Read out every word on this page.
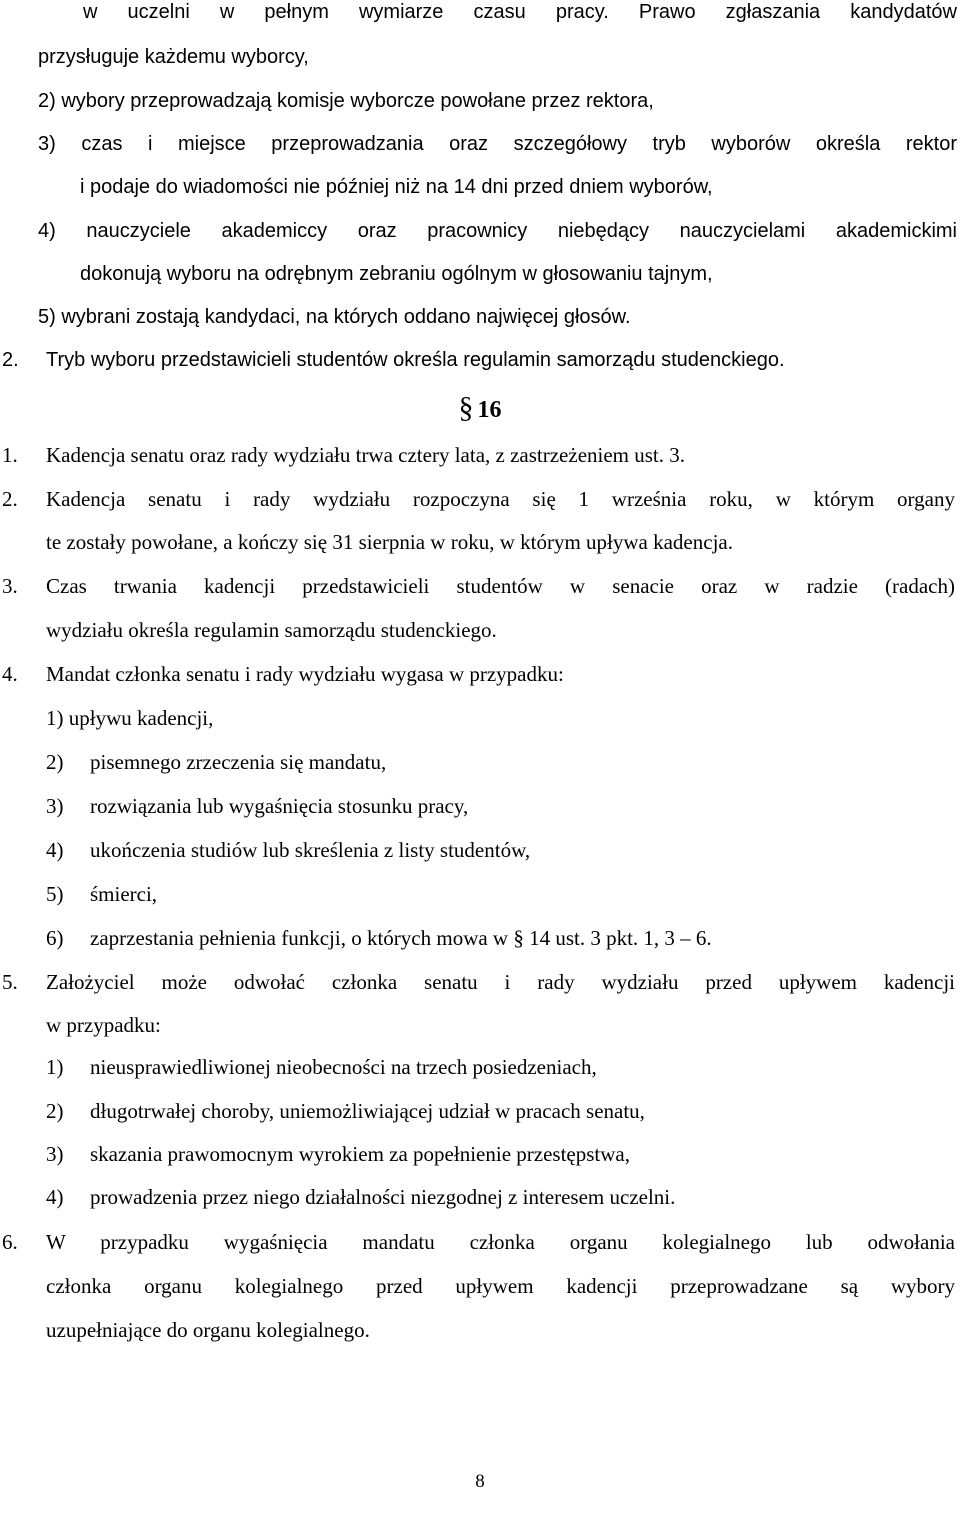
w uczelni w pełnym wymiarze czasu pracy. Prawo zgłaszania kandydatów
przysługuje każdemu wyborcy,
2) wybory przeprowadzają komisje wyborcze powołane przez rektora,
3) czas i miejsce przeprowadzania oraz szczegółowy tryb wyborów określa rektor
i podaje do wiadomości nie później niż na 14 dni przed dniem wyborów,
4) nauczyciele akademiccy oraz pracownicy niebędący nauczycielami akademickimi
dokonują wyboru na odrębnym zebraniu ogólnym w głosowaniu tajnym,
5) wybrani zostają kandydaci, na których oddano najwięcej głosów.
2. Tryb wyboru przedstawicieli studentów określa regulamin samorządu studenckiego.
§ 16
1. Kadencja senatu oraz rady wydziału trwa cztery lata, z zastrzeżeniem ust. 3.
2. Kadencja senatu i rady wydziału rozpoczyna się 1 września roku, w którym organy
te zostały powołane, a kończy się 31 sierpnia w roku, w którym upływa kadencja.
3. Czas trwania kadencji przedstawicieli studentów w senacie oraz w radzie (radach)
wydziału określa regulamin samorządu studenckiego.
4. Mandat członka senatu i rady wydziału wygasa w przypadku:
1) upływu kadencji,
2) pisemnego zrzeczenia się mandatu,
3) rozwiązania lub wygaśnięcia stosunku pracy,
4) ukończenia studiów lub skreślenia z listy studentów,
5) śmierci,
6) zaprzestania pełnienia funkcji, o których mowa w § 14 ust. 3 pkt. 1, 3 – 6.
5. Założyciel może odwołać członka senatu i rady wydziału przed upływem kadencji
w przypadku:
1) nieusprawiedliwionej nieobecności na trzech posiedzeniach,
2) długotrwałej choroby, uniemożliwiającej udział w pracach senatu,
3) skazania prawomocnym wyrokiem za popełnienie przestępstwa,
4) prowadzenia przez niego działalności niezgodnej z interesem uczelni.
6. W przypadku wygaśnięcia mandatu członka organu kolegialnego lub odwołania
członka organu kolegialnego przed upływem kadencji przeprowadzane są wybory
uzupełniające do organu kolegialnego.
8
